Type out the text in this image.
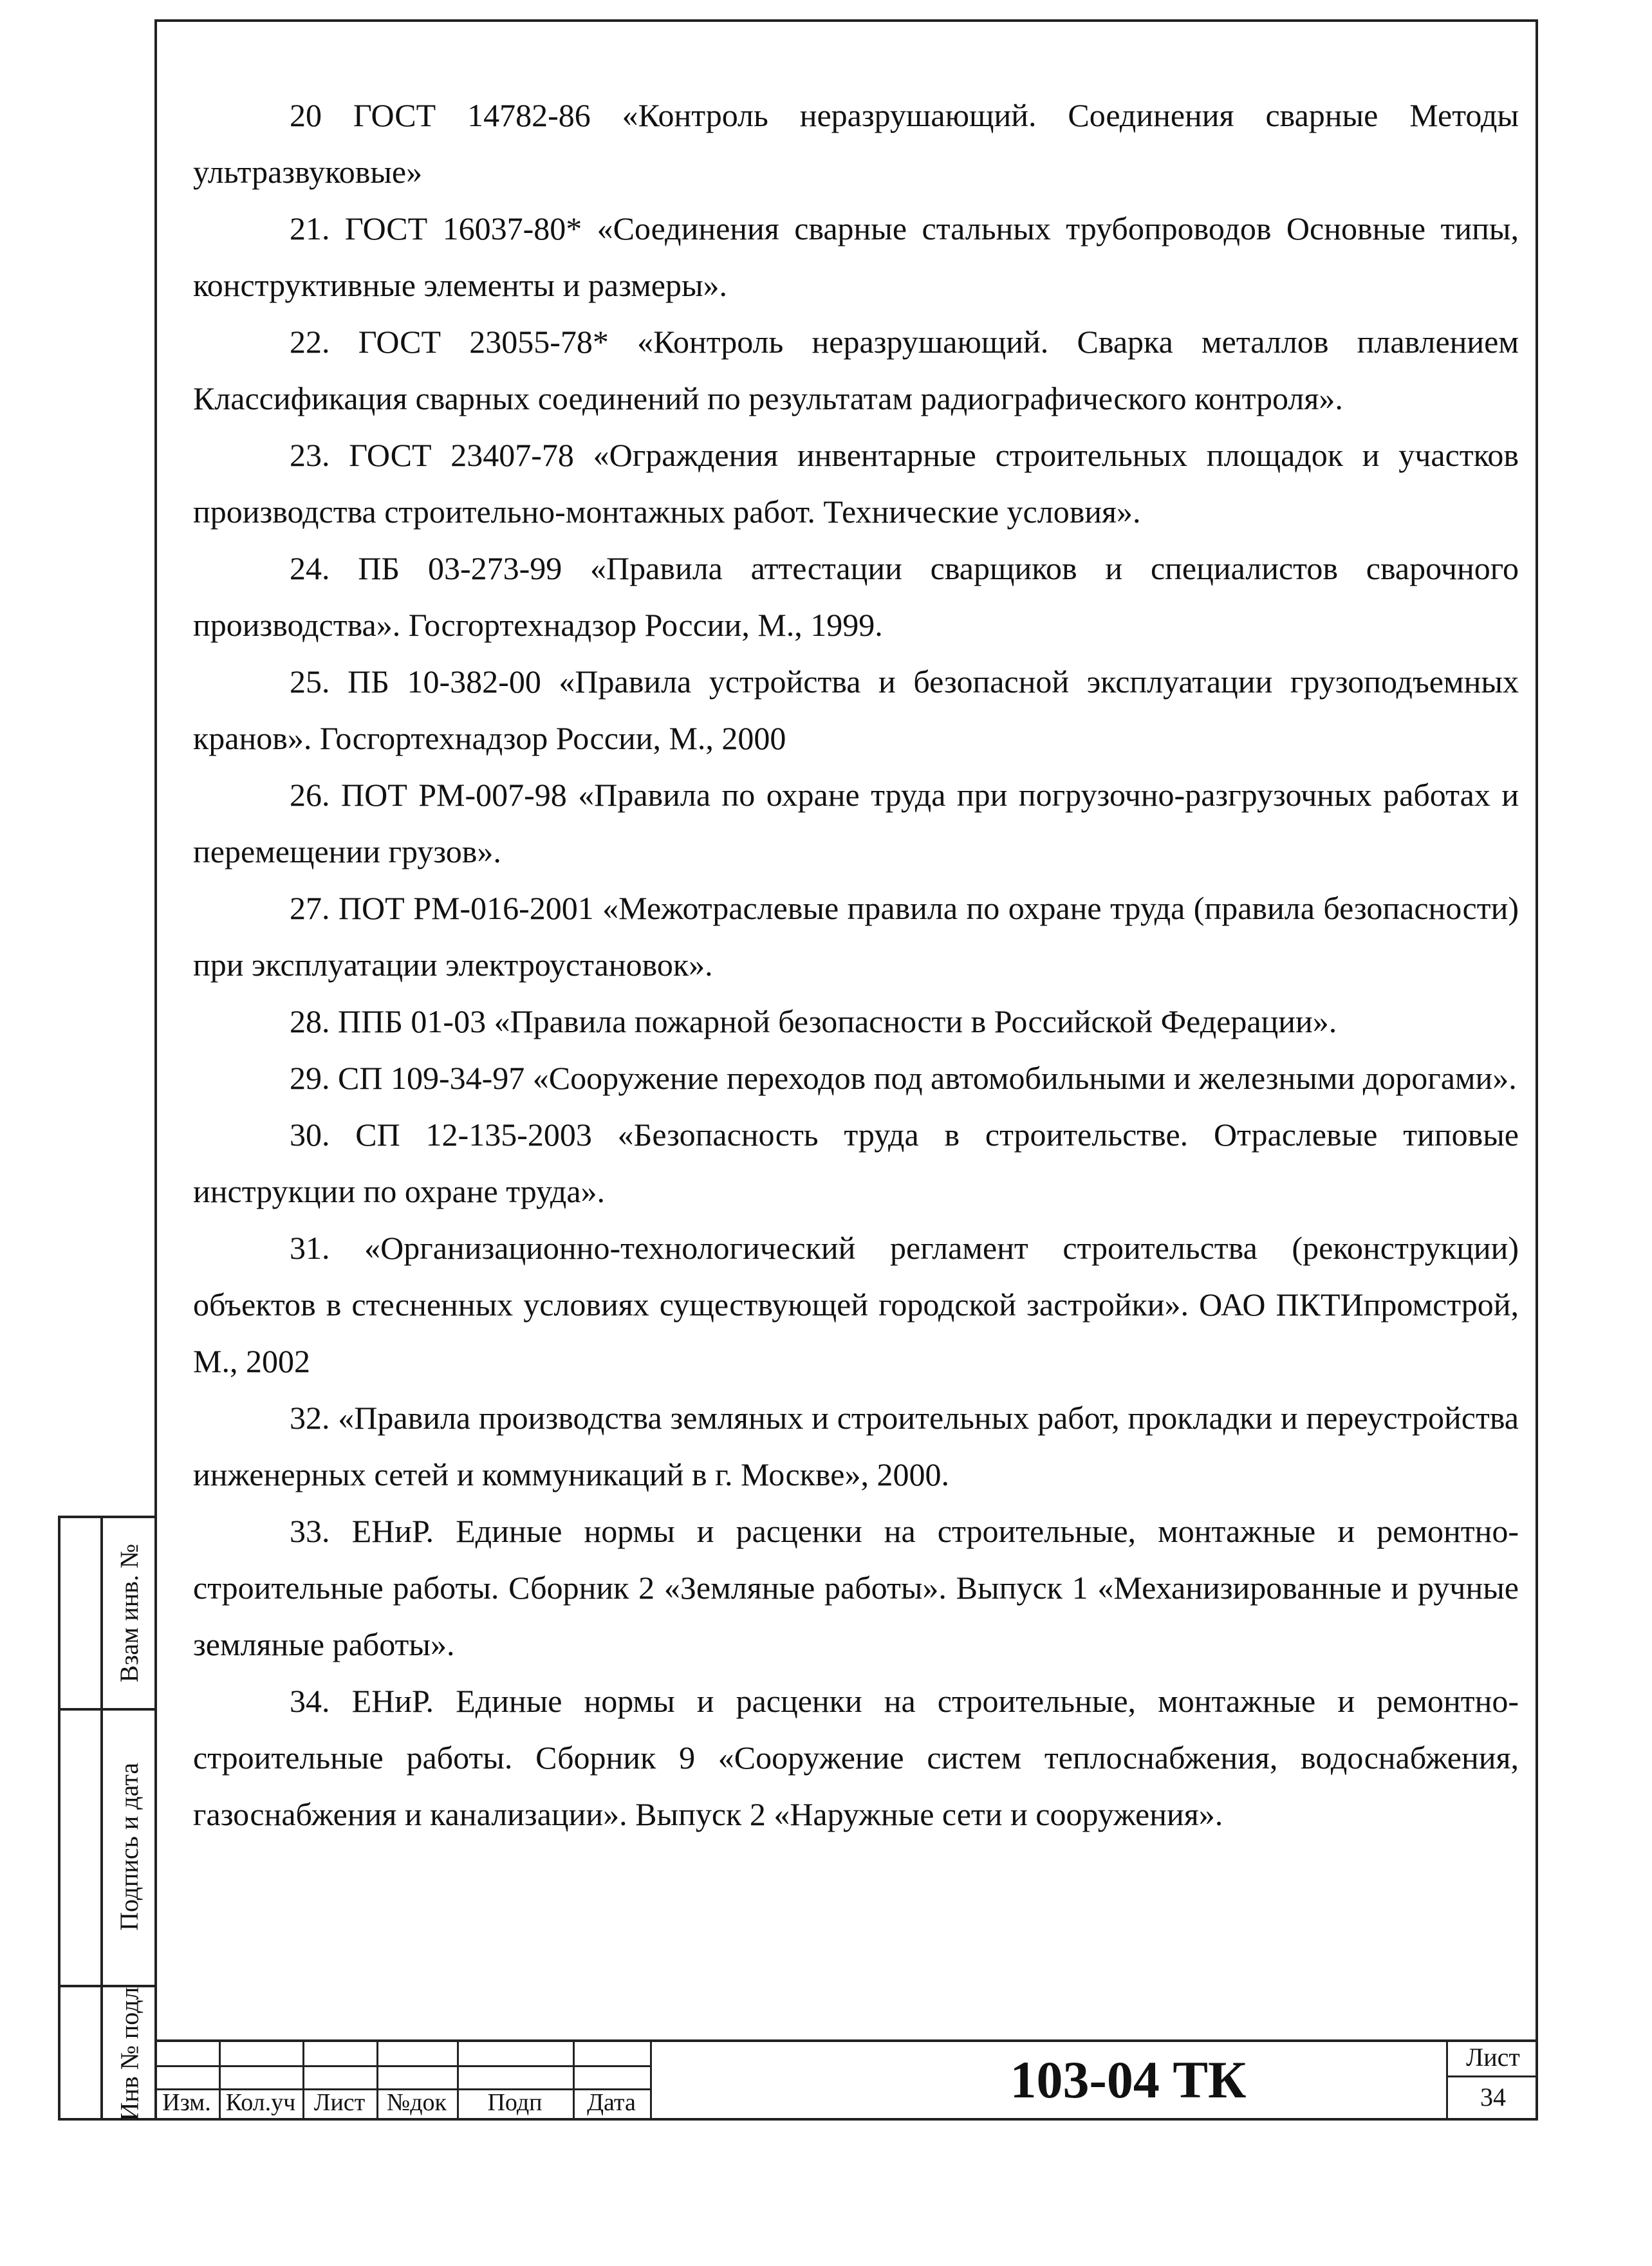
20 ГОСТ 14782-86 «Контроль неразрушающий. Соединения сварные Методы ультразвуковые»

21. ГОСТ 16037-80* «Соединения сварные стальных трубопроводов Основные типы, конструктивные элементы и размеры».

22. ГОСТ 23055-78* «Контроль неразрушающий. Сварка металлов плавлением Классификация сварных соединений по результатам радиографического контроля».

23. ГОСТ 23407-78 «Ограждения инвентарные строительных площадок и участков производства строительно-монтажных работ. Технические условия».

24. ПБ 03-273-99 «Правила аттестации сварщиков и специалистов сварочного производства». Госгортехнадзор России, М., 1999.

25. ПБ 10-382-00 «Правила устройства и безопасной эксплуатации грузоподъемных кранов». Госгортехнадзор России, М., 2000

26. ПОТ РМ-007-98 «Правила по охране труда при погрузочно-разгрузочных работах и перемещении грузов».

27. ПОТ РМ-016-2001 «Межотраслевые правила по охране труда (правила безопасности) при эксплуатации электроустановок».

28. ППБ 01-03 «Правила пожарной безопасности в Российской Федерации».

29. СП 109-34-97 «Сооружение переходов под автомобильными и железными дорогами».

30. СП 12-135-2003 «Безопасность труда в строительстве. Отраслевые типовые инструкции по охране труда».

31. «Организационно-технологический регламент строительства (реконструкции) объектов в стесненных условиях существующей городской застройки». ОАО ПКТИпромстрой, М., 2002

32. «Правила производства земляных и строительных работ, прокладки и переустройства инженерных сетей и коммуникаций в г. Москве», 2000.

33. ЕНиР. Единые нормы и расценки на строительные, монтажные и ремонтно-строительные работы. Сборник 2 «Земляные работы». Выпуск 1 «Механизированные и ручные земляные работы».

34. ЕНиР. Единые нормы и расценки на строительные, монтажные и ремонтно-строительные работы. Сборник 9 «Сооружение систем теплоснабжения, водоснабжения, газоснабжения и канализации». Выпуск 2 «Наружные сети и сооружения».

Взам инв. №
Подпись и дата
Инв № подл Изм. Кол.уч Лист №док	Подп	Дата	103-04 ТК	Лист
34
